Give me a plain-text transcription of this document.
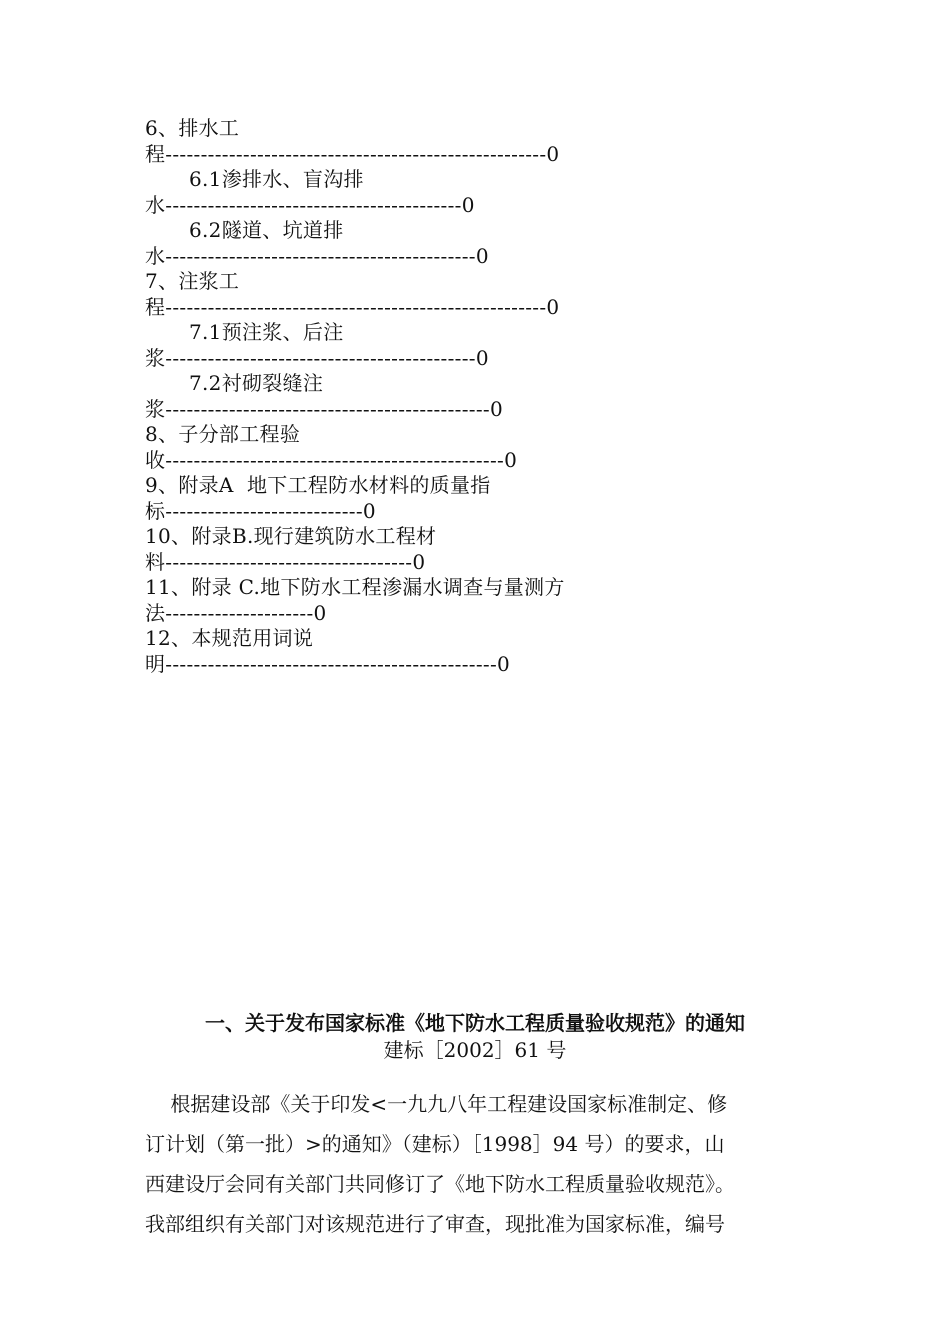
6、排水工
程------------------------------------------------------0
6.1渗排水、盲沟排
水------------------------------------------0
6.2隧道、坑道排
水--------------------------------------------0
7、注浆工
程------------------------------------------------------0
7.1预注浆、后注
浆--------------------------------------------0
7.2衬砌裂缝注
浆----------------------------------------------0
8、子分部工程验
收------------------------------------------------0
9、附录A  地下工程防水材料的质量指
标----------------------------0
10、附录B.现行建筑防水工程材
料-----------------------------------0
11、附录 C.地下防水工程渗漏水调查与量测方
法---------------------0
12、本规范用词说
明-----------------------------------------------0
一、关于发布国家标准《地下防水工程质量验收规范》的通知
建标［2002］61 号
根据建设部《关于印发<一九九八年工程建设国家标准制定、修
订计划（第一批）>的通知》（建标）［1998］94 号）的要求，山
西建设厅会同有关部门共同修订了《地下防水工程质量验收规范》。
我部组织有关部门对该规范进行了审查，现批准为国家标准，编号
